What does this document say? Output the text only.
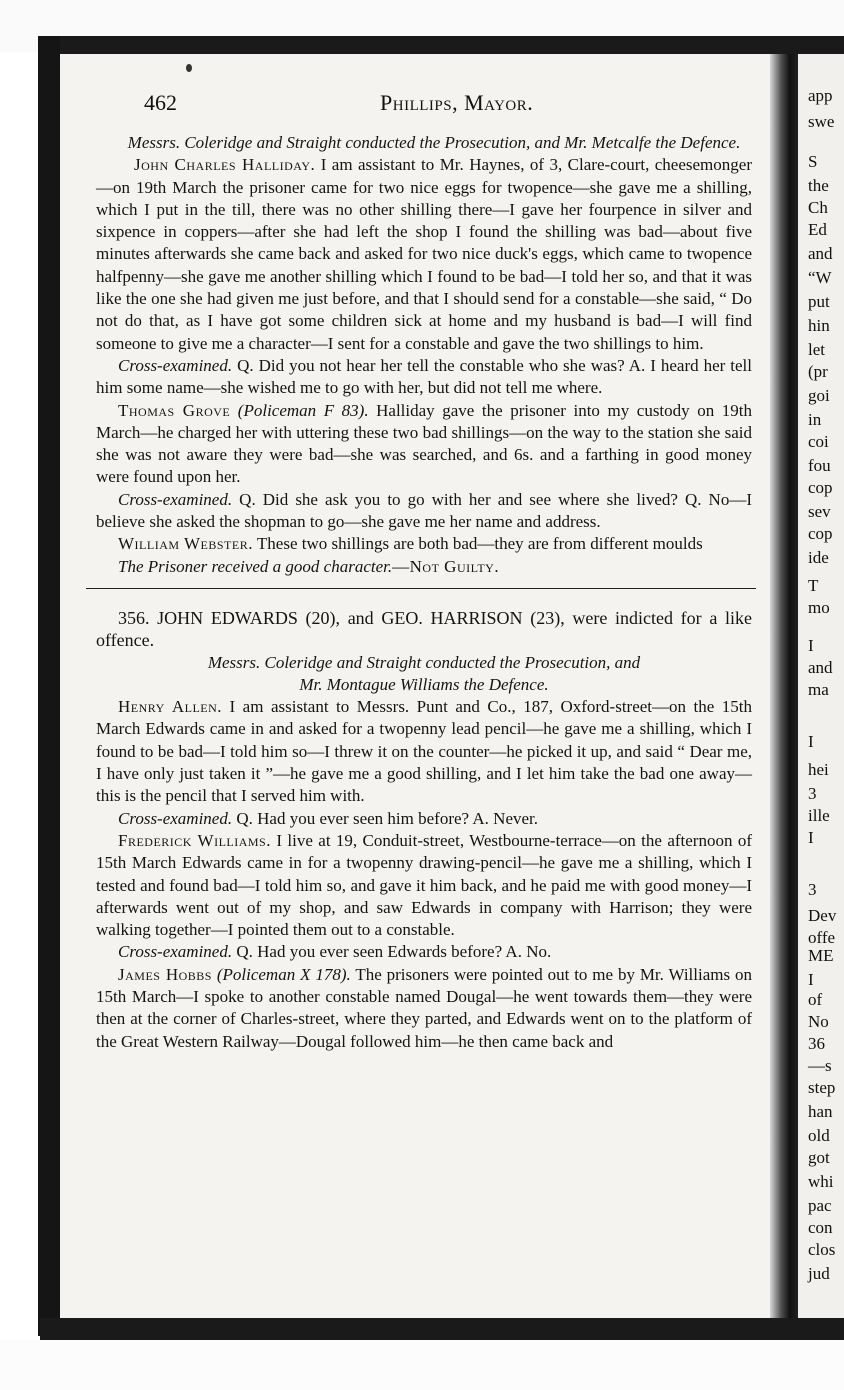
app
swe
S
the
Ch
Ed
and
“W
put
hin
let
(pr
goi
in
coi
fou
cop
sev
cop
ide
T
mo
I
and
ma
I
hei
3
ille
I
3
Dev
offe
ME
I
of
No
36
—s
step
han
old
got
whi
pac
con
clos
jud
462	Phillips, Mayor.

Messrs. Coleridge and Straight conducted the Prosecution, and Mr. Metcalfe the Defence.

John Charles Halliday. I am assistant to Mr. Haynes, of 3, Clare-court, cheesemonger—on 19th March the prisoner came for two nice eggs for twopence—she gave me a shilling, which I put in the till, there was no other shilling there—I gave her fourpence in silver and sixpence in coppers—after she had left the shop I found the shilling was bad—about five minutes afterwards she came back and asked for two nice duck's eggs, which came to twopence halfpenny—she gave me another shilling which I found to be bad—I told her so, and that it was like the one she had given me just before, and that I should send for a constable—she said, “ Do not do that, as I have got some children sick at home and my husband is bad—I will find someone to give me a character—I sent for a constable and gave the two shillings to him.

Cross-examined. Q. Did you not hear her tell the constable who she was? A. I heard her tell him some name—she wished me to go with her, but did not tell me where.

Thomas Grove (Policeman F 83). Halliday gave the prisoner into my custody on 19th March—he charged her with uttering these two bad shillings—on the way to the station she said she was not aware they were bad—she was searched, and 6s. and a farthing in good money were found upon her.

Cross-examined. Q. Did she ask you to go with her and see where she lived? Q. No—I believe she asked the shopman to go—she gave me her name and address.

William Webster. These two shillings are both bad—they are from different moulds

The Prisoner received a good character.—Not Guilty.

356. JOHN EDWARDS (20), and GEO. HARRISON (23), were indicted for a like offence.

Messrs. Coleridge and Straight conducted the Prosecution, and

Mr. Montague Williams the Defence.

Henry Allen. I am assistant to Messrs. Punt and Co., 187, Oxford-street—on the 15th March Edwards came in and asked for a twopenny lead pencil—he gave me a shilling, which I found to be bad—I told him so—I threw it on the counter—he picked it up, and said “ Dear me, I have only just taken it ”—he gave me a good shilling, and I let him take the bad one away—this is the pencil that I served him with.

Cross-examined. Q. Had you ever seen him before? A. Never.

Frederick Williams. I live at 19, Conduit-street, Westbourne-terrace—on the afternoon of 15th March Edwards came in for a twopenny drawing-pencil—he gave me a shilling, which I tested and found bad—I told him so, and gave it him back, and he paid me with good money—I afterwards went out of my shop, and saw Edwards in company with Harrison; they were walking together—I pointed them out to a constable.

Cross-examined. Q. Had you ever seen Edwards before? A. No.

James Hobbs (Policeman X 178). The prisoners were pointed out to me by Mr. Williams on 15th March—I spoke to another constable named Dougal—he went towards them—they were then at the corner of Charles-street, where they parted, and Edwards went on to the platform of the Great Western Railway—Dougal followed him—he then came back and
